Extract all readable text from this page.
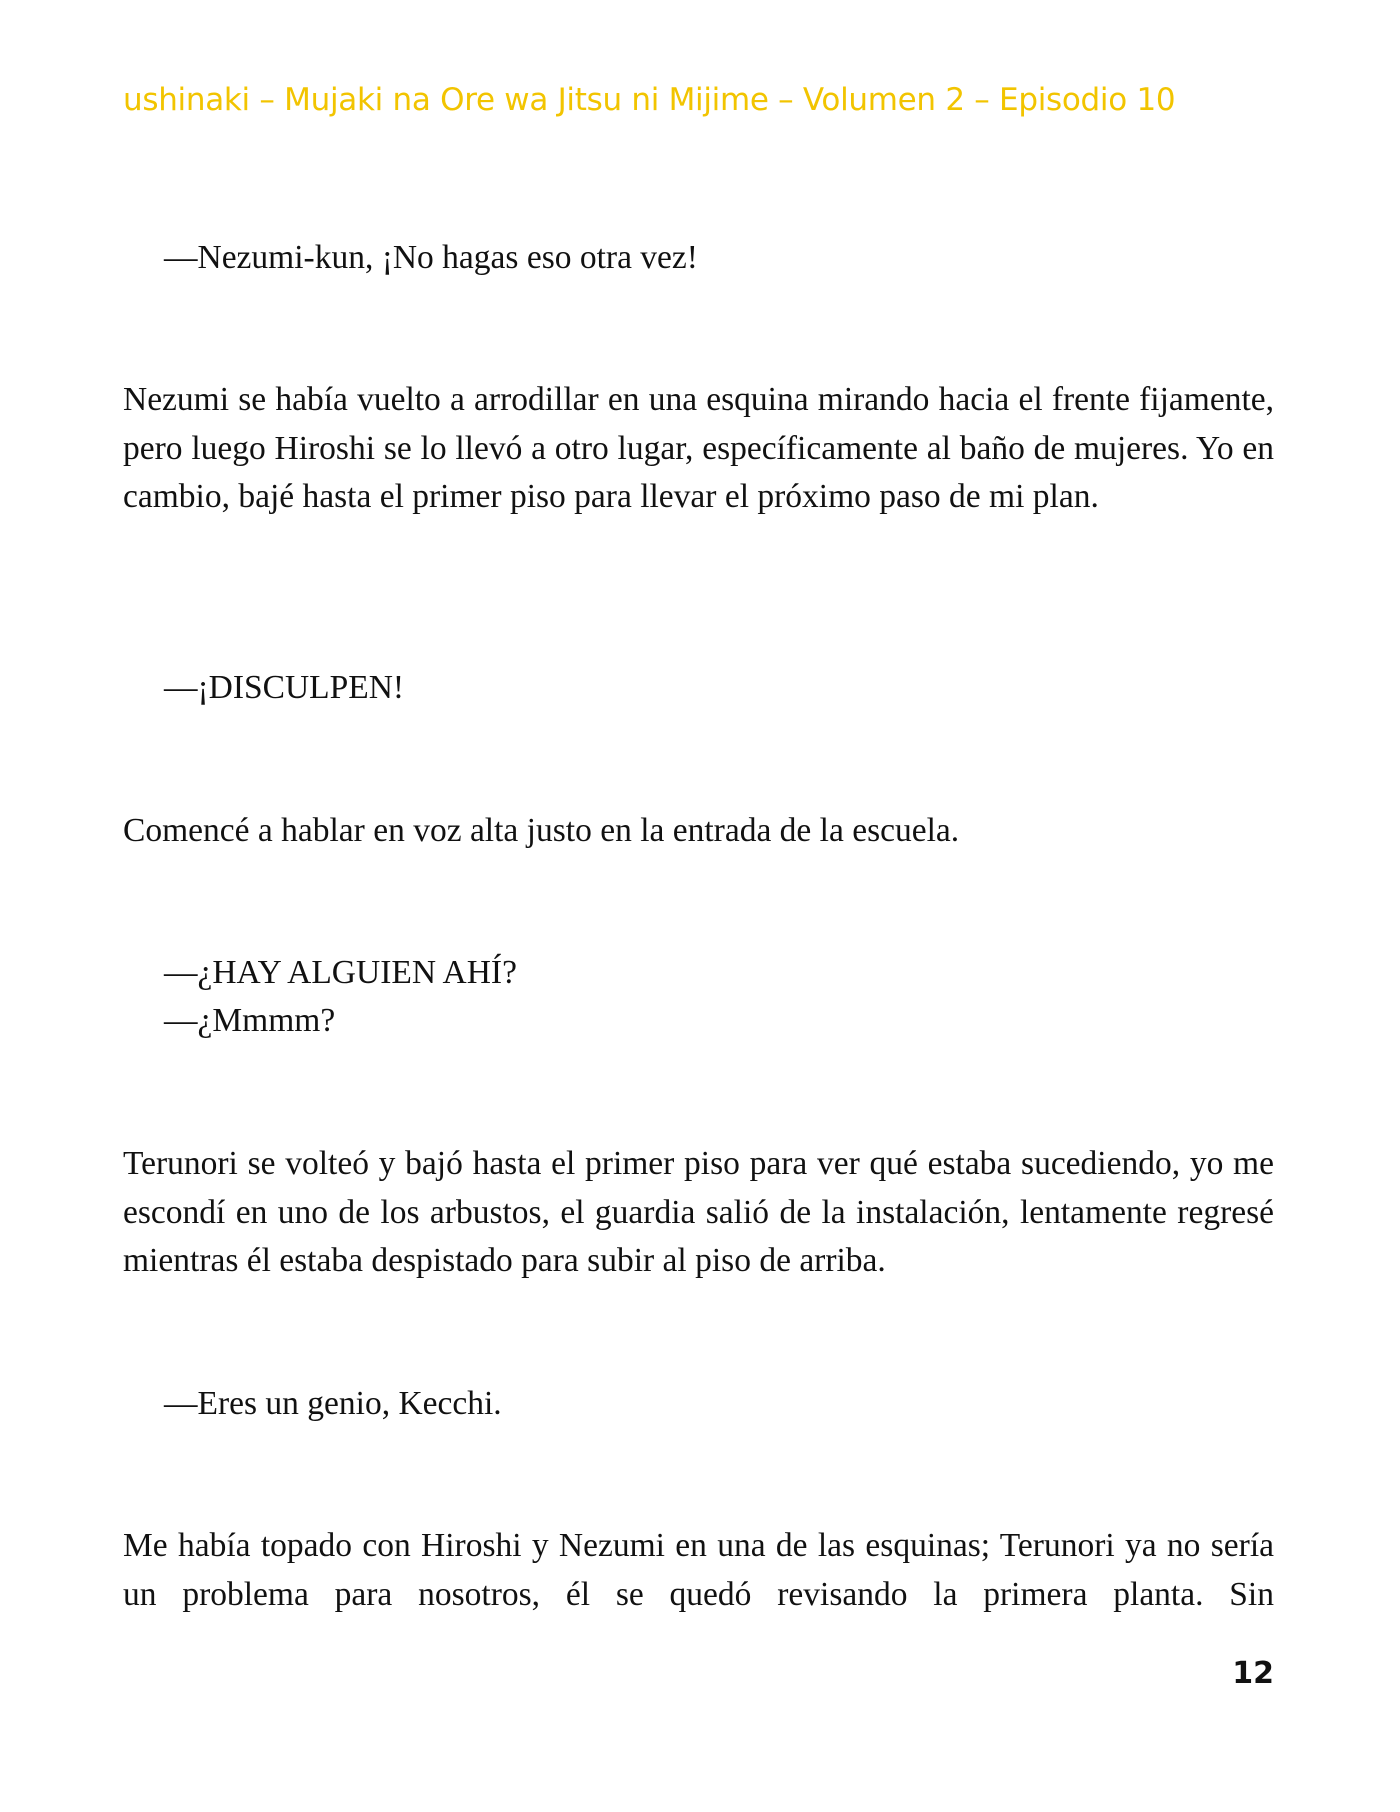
ushinaki – Mujaki na Ore wa Jitsu ni Mijime – Volumen 2 – Episodio 10
—Nezumi-kun, ¡No hagas eso otra vez!
Nezumi se había vuelto a arrodillar en una esquina mirando hacia el frente fijamente, pero luego Hiroshi se lo llevó a otro lugar, específicamente al baño de mujeres. Yo en cambio, bajé hasta el primer piso para llevar el próximo paso de mi plan.
—¡DISCULPEN!
Comencé a hablar en voz alta justo en la entrada de la escuela.
—¿HAY ALGUIEN AHÍ?
—¿Mmmm?
Terunori se volteó y bajó hasta el primer piso para ver qué estaba sucediendo, yo me escondí en uno de los arbustos, el guardia salió de la instalación, lentamente regresé mientras él estaba despistado para subir al piso de arriba.
—Eres un genio, Kecchi.
Me había topado con Hiroshi y Nezumi en una de las esquinas; Terunori ya no sería un problema para nosotros, él se quedó revisando la primera planta. Sin
12
